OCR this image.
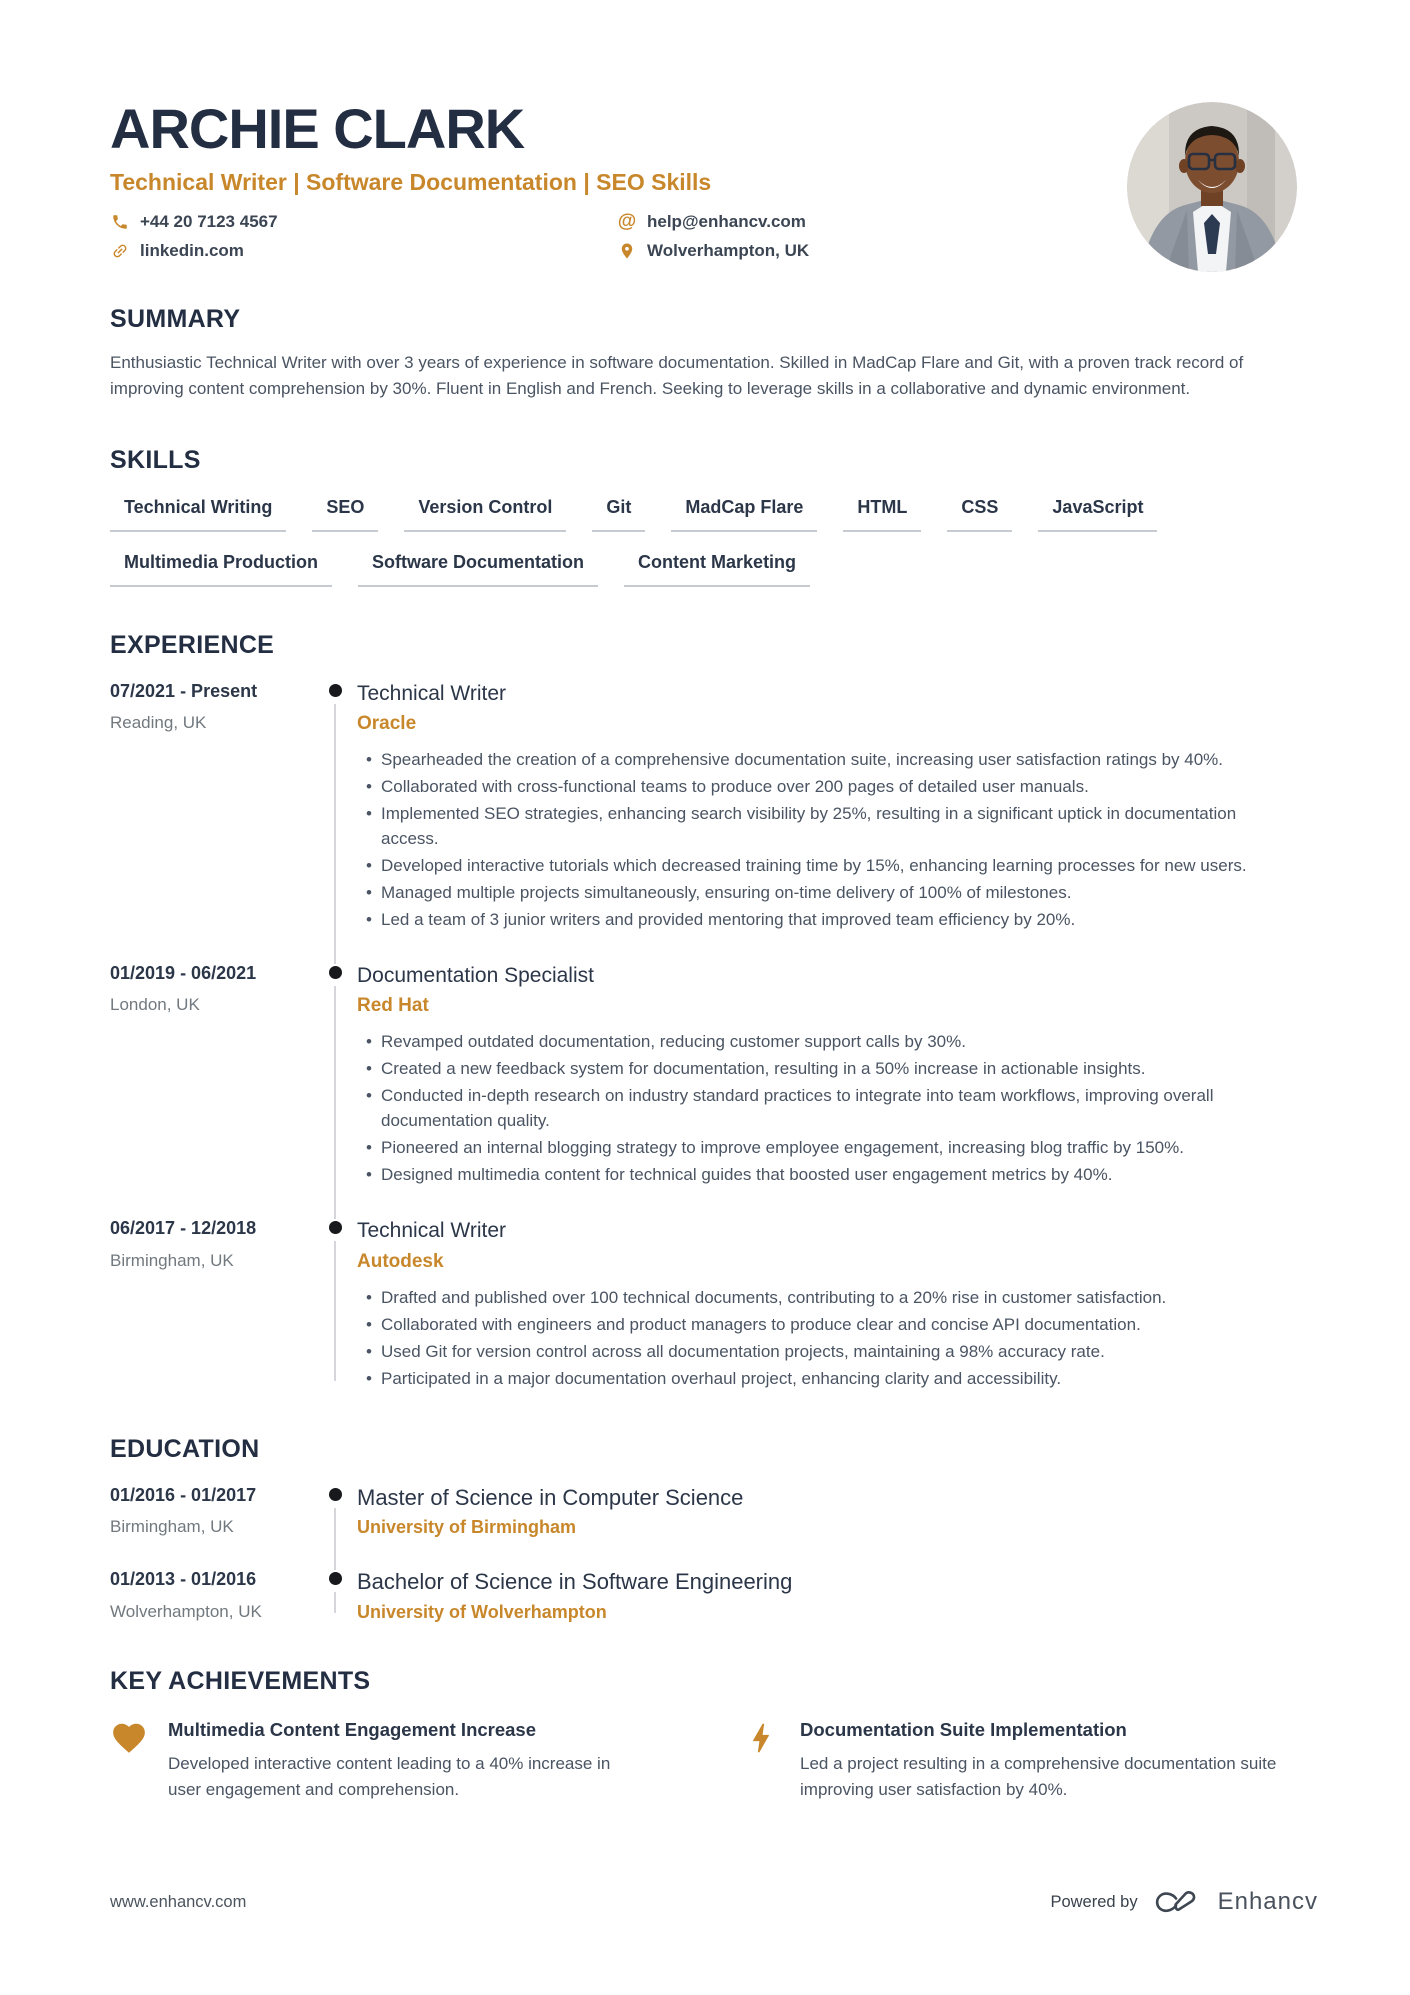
ARCHIE CLARK
Technical Writer | Software Documentation | SEO Skills
+44 20 7123 4567	@ help@enhancv.com
linkedin.com	Wolverhampton, UK
SUMMARY

Enthusiastic Technical Writer with over 3 years of experience in software documentation. Skilled in MadCap Flare and Git, with a proven track record of improving content comprehension by 30%. Fluent in English and French. Seeking to leverage skills in a collaborative and dynamic environment.

SKILLS
Technical Writing	SEO	Version Control	Git	MadCap Flare	HTML	CSS	JavaScript
Multimedia Production	Software Documentation	Content Marketing
EXPERIENCE
07/2021 - Present
Reading, UK
Technical Writer
Oracle
• Spearheaded the creation of a comprehensive documentation suite, increasing user satisfaction ratings by 40%.
• Collaborated with cross-functional teams to produce over 200 pages of detailed user manuals.
• Implemented SEO strategies, enhancing search visibility by 25%, resulting in a significant uptick in documentation access.
• Developed interactive tutorials which decreased training time by 15%, enhancing learning processes for new users.
• Managed multiple projects simultaneously, ensuring on-time delivery of 100% of milestones.
• Led a team of 3 junior writers and provided mentoring that improved team efficiency by 20%.
01/2019 - 06/2021
London, UK
Documentation Specialist
Red Hat
• Revamped outdated documentation, reducing customer support calls by 30%.
• Created a new feedback system for documentation, resulting in a 50% increase in actionable insights.
• Conducted in-depth research on industry standard practices to integrate into team workflows, improving overall documentation quality.
• Pioneered an internal blogging strategy to improve employee engagement, increasing blog traffic by 150%.
• Designed multimedia content for technical guides that boosted user engagement metrics by 40%.
06/2017 - 12/2018
Birmingham, UK
Technical Writer
Autodesk
• Drafted and published over 100 technical documents, contributing to a 20% rise in customer satisfaction.
• Collaborated with engineers and product managers to produce clear and concise API documentation.
• Used Git for version control across all documentation projects, maintaining a 98% accuracy rate.
• Participated in a major documentation overhaul project, enhancing clarity and accessibility.
EDUCATION
01/2016 - 01/2017
Birmingham, UK
Master of Science in Computer Science
University of Birmingham
01/2013 - 01/2016
Wolverhampton, UK
Bachelor of Science in Software Engineering
University of Wolverhampton
KEY ACHIEVEMENTS
Multimedia Content Engagement Increase
Developed interactive content leading to a 40% increase in user engagement and comprehension.
Documentation Suite Implementation
Led a project resulting in a comprehensive documentation suite improving user satisfaction by 40%.
www.enhancv.com	Powered by	Enhancv
